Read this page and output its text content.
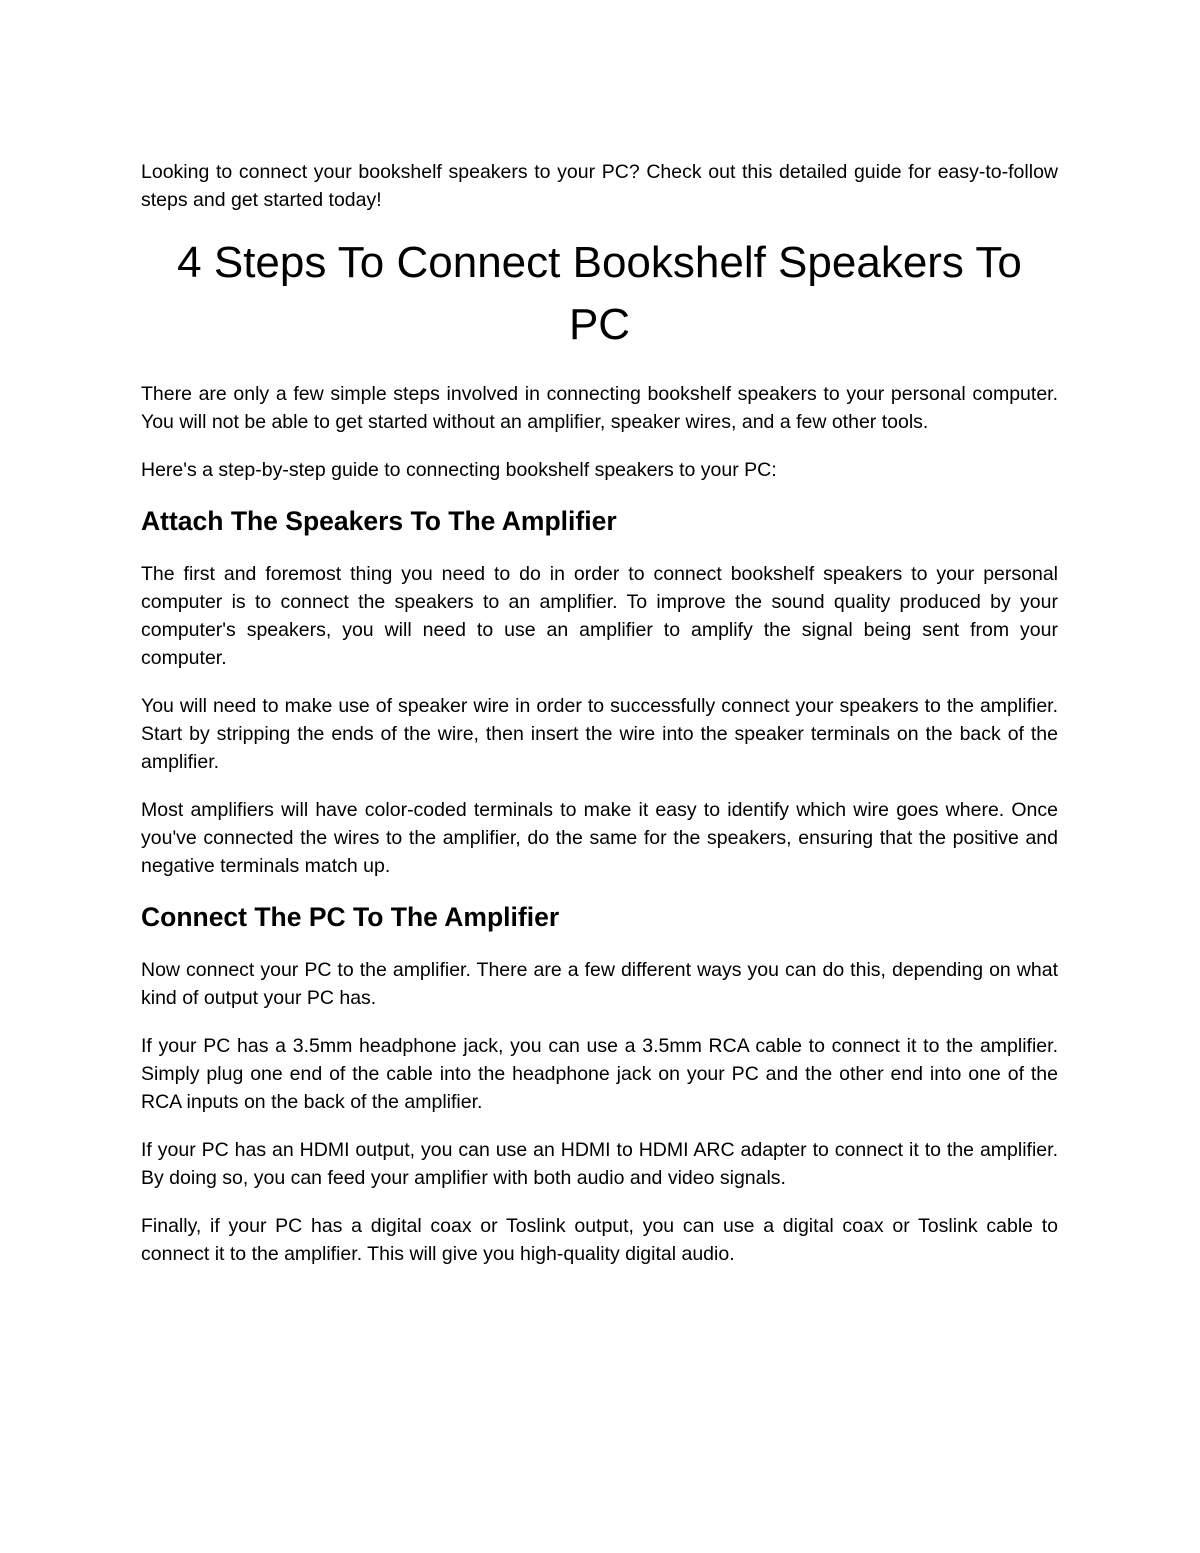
Looking to connect your bookshelf speakers to your PC? Check out this detailed guide for easy-to-follow steps and get started today!

4 Steps To Connect Bookshelf Speakers To PC

There are only a few simple steps involved in connecting bookshelf speakers to your personal computer. You will not be able to get started without an amplifier, speaker wires, and a few other tools.

Here's a step-by-step guide to connecting bookshelf speakers to your PC:

Attach The Speakers To The Amplifier

The first and foremost thing you need to do in order to connect bookshelf speakers to your personal computer is to connect the speakers to an amplifier. To improve the sound quality produced by your computer's speakers, you will need to use an amplifier to amplify the signal being sent from your computer.

You will need to make use of speaker wire in order to successfully connect your speakers to the amplifier. Start by stripping the ends of the wire, then insert the wire into the speaker terminals on the back of the amplifier.

Most amplifiers will have color-coded terminals to make it easy to identify which wire goes where. Once you've connected the wires to the amplifier, do the same for the speakers, ensuring that the positive and negative terminals match up.

Connect The PC To The Amplifier

Now connect your PC to the amplifier. There are a few different ways you can do this, depending on what kind of output your PC has.

If your PC has a 3.5mm headphone jack, you can use a 3.5mm RCA cable to connect it to the amplifier. Simply plug one end of the cable into the headphone jack on your PC and the other end into one of the RCA inputs on the back of the amplifier.

If your PC has an HDMI output, you can use an HDMI to HDMI ARC adapter to connect it to the amplifier. By doing so, you can feed your amplifier with both audio and video signals.

Finally, if your PC has a digital coax or Toslink output, you can use a digital coax or Toslink cable to connect it to the amplifier. This will give you high-quality digital audio.
